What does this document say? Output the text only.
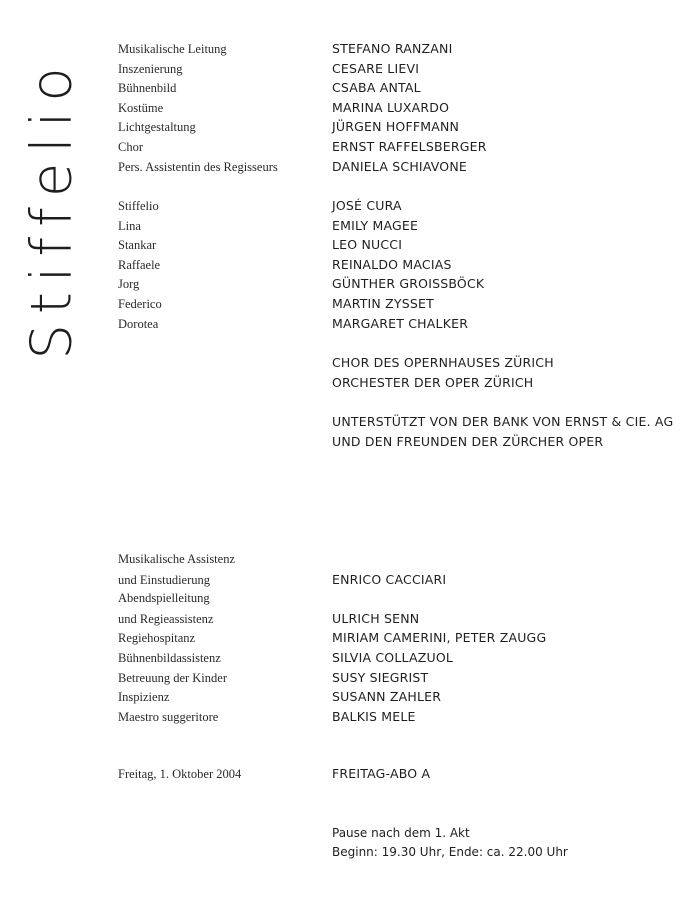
Stiffelio
Musikalische Leitung	STEFANO RANZANI
Inszenierung	CESARE LIEVI
Bühnenbild	CSABA ANTAL
Kostüme	MARINA LUXARDO
Lichtgestaltung	JÜRGEN HOFFMANN
Chor	ERNST RAFFELSBERGER
Pers. Assistentin des Regisseurs	DANIELA SCHIAVONE
Stiffelio	JOSÉ CURA
Lina	EMILY MAGEE
Stankar	LEO NUCCI
Raffaele	REINALDO MACIAS
Jorg	GÜNTHER GROISSBÖCK
Federico	MARTIN ZYSSET
Dorotea	MARGARET CHALKER
CHOR DES OPERNHAUSES ZÜRICH
ORCHESTER DER OPER ZÜRICH
UNTERSTÜTZT VON DER BANK VON ERNST & CIE. AG
UND DEN FREUNDEN DER ZÜRCHER OPER
Musikalische Assistenz
und Einstudierung	ENRICO CACCIARI
Abendspielleitung
und Regieassistenz	ULRICH SENN
Regiehospitanz	MIRIAM CAMERINI, PETER ZAUGG
Bühnenbildassistenz	SILVIA COLLAZUOL
Betreuung der Kinder	SUSY SIEGRIST
Inspizienz	SUSANN ZAHLER
Maestro suggeritore	BALKIS MELE
Freitag, 1. Oktober 2004	FREITAG-ABO A
Pause nach dem 1. Akt
Beginn: 19.30 Uhr, Ende: ca. 22.00 Uhr
